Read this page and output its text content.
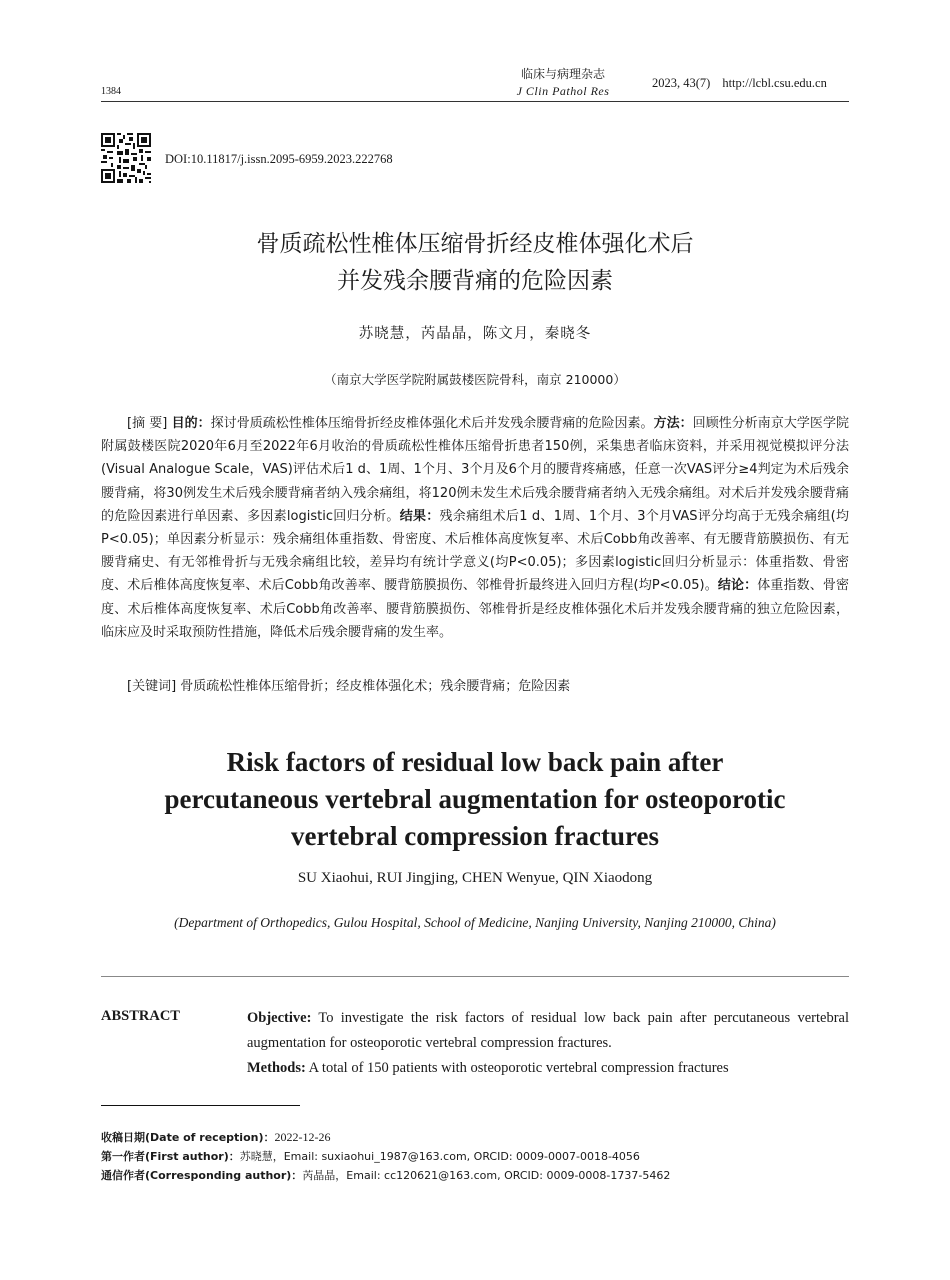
1384
临床与病理杂志
J Clin Pathol Res
2023, 43(7) http://lcbl.csu.edu.cn
DOI:10.11817/j.issn.2095-6959.2023.222768
骨质疏松性椎体压缩骨折经皮椎体强化术后
并发残余腰背痛的危险因素
苏晓慧，芮晶晶，陈文月，秦晓冬
（南京大学医学院附属鼓楼医院骨科，南京 210000）
[摘 要] 目的：探讨骨质疏松性椎体压缩骨折经皮椎体强化术后并发残余腰背痛的危险因素。方法：回顾性分析南京大学医学院附属鼓楼医院2020年6月至2022年6月收治的骨质疏松性椎体压缩骨折患者150例，采集患者临床资料，并采用视觉模拟评分法(Visual Analogue Scale，VAS)评估术后1 d、1周、1个月、3个月及6个月的腰背疼痛感，任意一次VAS评分≥4判定为术后残余腰背痛，将30例发生术后残余腰背痛者纳入残余痛组，将120例未发生术后残余腰背痛者纳入无残余痛组。对术后并发残余腰背痛的危险因素进行单因素、多因素logistic回归分析。结果：残余痛组术后1 d、1周、1个月、3个月VAS评分均高于无残余痛组(均P<0.05)；单因素分析显示：残余痛组体重指数、骨密度、术后椎体高度恢复率、术后Cobb角改善率、有无腰背筋膜损伤、有无腰背痛史、有无邻椎骨折与无残余痛组比较，差异均有统计学意义(均P<0.05)；多因素logistic回归分析显示：体重指数、骨密度、术后椎体高度恢复率、术后Cobb角改善率、腰背筋膜损伤、邻椎骨折最终进入回归方程(均P<0.05)。结论：体重指数、骨密度、术后椎体高度恢复率、术后Cobb角改善率、腰背筋膜损伤、邻椎骨折是经皮椎体强化术后并发残余腰背痛的独立危险因素，临床应及时采取预防性措施，降低术后残余腰背痛的发生率。
[关键词] 骨质疏松性椎体压缩骨折；经皮椎体强化术；残余腰背痛；危险因素
Risk factors of residual low back pain after
percutaneous vertebral augmentation for osteoporotic
vertebral compression fractures
SU Xiaohui, RUI Jingjing, CHEN Wenyue, QIN Xiaodong
(Department of Orthopedics, Gulou Hospital, School of Medicine, Nanjing University, Nanjing 210000, China)
ABSTRACT	Objective: To investigate the risk factors of residual low back pain after percutaneous vertebral augmentation for osteoporotic vertebral compression fractures.

Methods: A total of 150 patients with osteoporotic vertebral compression fractures

收稿日期(Date of reception)：2022-12-26
第一作者(First author)：苏晓慧，Email: suxiaohui_1987@163.com, ORCID: 0009-0007-0018-4056
通信作者(Corresponding author)：芮晶晶，Email: cc120621@163.com, ORCID: 0009-0008-1737-5462
